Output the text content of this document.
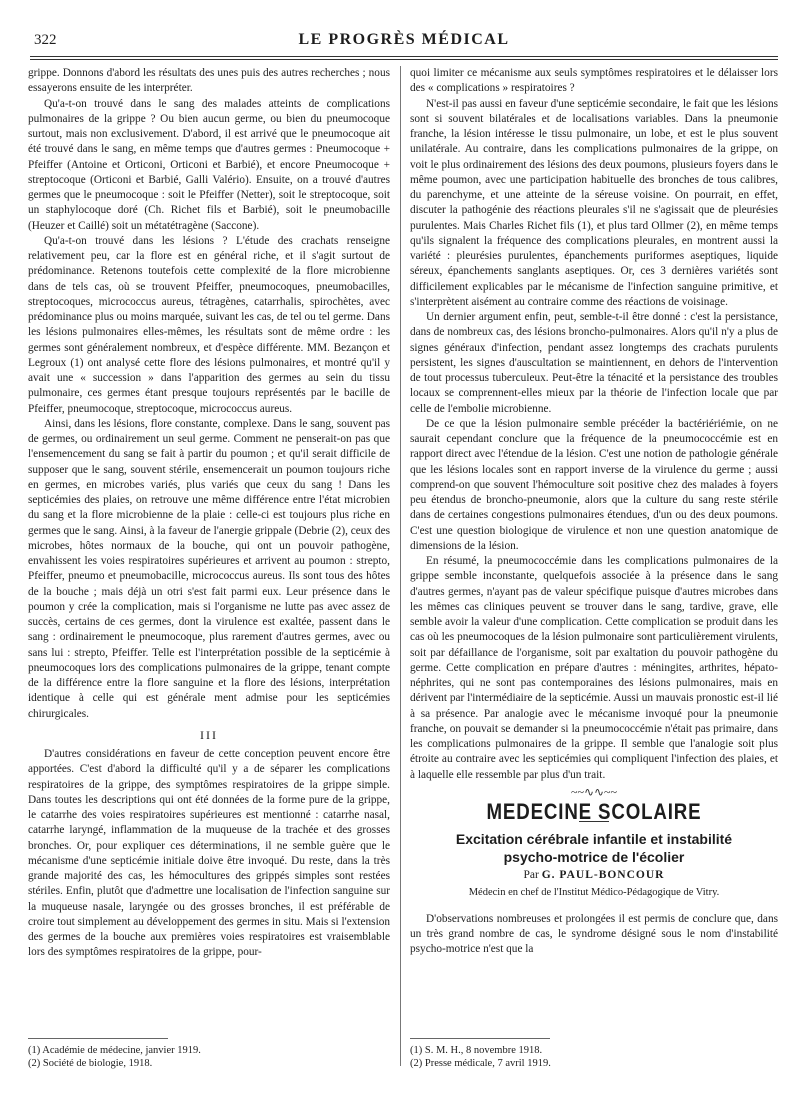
322	LE PROGRÈS MÉDICAL

grippe. Donnons d'abord les résultats des unes puis des autres recherches ; nous essayerons ensuite de les interpréter.

Qu'a-t-on trouvé dans le sang des malades atteints de complications pulmonaires de la grippe ? Ou bien aucun germe, ou bien du pneumocoque surtout, mais non exclusivement. D'abord, il est arrivé que le pneumocoque ait été trouvé dans le sang, en même temps que d'autres germes : Pneumocoque + Pfeiffer (Antoine et Orticoni, Orticoni et Barbié), et encore Pneumocoque + streptocoque (Orticoni et Barbié, Galli Valério). Ensuite, on a trouvé d'autres germes que le pneumocoque : soit le Pfeiffer (Netter), soit le streptocoque, soit un staphylocoque doré (Ch. Richet fils et Barbié), soit le pneumobacille (Heuzer et Caillé) soit un métatétragène (Saccone).

Qu'a-t-on trouvé dans les lésions ? L'étude des crachats renseigne relativement peu, car la flore est en général riche, et il s'agit surtout de prédominance. Retenons toutefois cette complexité de la flore microbienne dans de tels cas, où se trouvent Pfeiffer, pneumocoques, pneumobacilles, streptocoques, micrococcus aureus, tétragènes, catarrhalis, spirochètes, avec prédominance plus ou moins marquée, suivant les cas, de tel ou tel germe. Dans les lésions pulmonaires elles-mêmes, les résultats sont de même ordre : les germes sont généralement nombreux, et d'espèce différente. MM. Bezançon et Legroux (1) ont analysé cette flore des lésions pulmonaires, et montré qu'il y avait une « succession » dans l'apparition des germes au sein du tissu pulmonaire, ces germes étant presque toujours représentés par le bacille de Pfeiffer, pneumocoque, streptocoque, micrococcus aureus.

Ainsi, dans les lésions, flore constante, complexe. Dans le sang, souvent pas de germes, ou ordinairement un seul germe. Comment ne penserait-on pas que l'ensemencement du sang se fait à partir du poumon ; et qu'il serait difficile de supposer que le sang, souvent stérile, ensemencerait un poumon toujours riche en germes, en microbes variés, plus variés que ceux du sang ! Dans les septicémies des plaies, on retrouve une même différence entre l'état microbien du sang et la flore microbienne de la plaie : celle-ci est toujours plus riche en germes que le sang. Ainsi, à la faveur de l'anergie grippale (Debrie (2), ceux des microbes, hôtes normaux de la bouche, qui ont un pouvoir pathogène, envahissent les voies respiratoires supérieures et arrivent au poumon : strepto, Pfeiffer, pneumo et pneumobacille, micrococcus aureus. Ils sont tous des hôtes de la bouche ; mais déjà un otri s'est fait parmi eux. Leur présence dans le poumon y crée la complication, mais si l'organisme ne lutte pas avec assez de succès, certains de ces germes, dont la virulence est exaltée, passent dans le sang : ordinairement le pneumocoque, plus rarement d'autres germes, avec ou sans lui : strepto, Pfeiffer. Telle est l'interprétation possible de la septicémie à pneumocoques lors des complications pulmonaires de la grippe, tenant compte de la différence entre la flore sanguine et la flore des lésions, interprétation identique à celle qui est générale ment admise pour les septicémies chirurgicales.

III

D'autres considérations en faveur de cette conception peuvent encore être apportées. C'est d'abord la difficulté qu'il y a de séparer les complications respiratoires de la grippe, des symptômes respiratoires de la grippe simple. Dans toutes les descriptions qui ont été données de la forme pure de la grippe, le catarrhe des voies respiratoires supérieures est mentionné : catarrhe nasal, catarrhe laryngé, inflammation de la muqueuse de la trachée et des grosses bronches. Or, pour expliquer ces déterminations, il ne semble guère que le mécanisme d'une septicémie initiale doive être invoqué. Du reste, dans la très grande majorité des cas, les hémocultures des grippés simples sont restées stériles. Enfin, plutôt que d'admettre une localisation de l'infection sanguine sur la muqueuse nasale, laryngée ou des grosses bronches, il est préférable de croire tout simplement au développement des germes in situ. Mais si l'extension des germes de la bouche aux premières voies respiratoires est vraisemblable lors des symptômes respiratoires de la grippe, pour-

quoi limiter ce mécanisme aux seuls symptômes respiratoires et le délaisser lors des « complications » respiratoires ?

N'est-il pas aussi en faveur d'une septicémie secondaire, le fait que les lésions sont si souvent bilatérales et de localisations variables. Dans la pneumonie franche, la lésion intéresse le tissu pulmonaire, un lobe, et est le plus souvent unilatérale. Au contraire, dans les complications pulmonaires de la grippe, on voit le plus ordinairement des lésions des deux poumons, plusieurs foyers dans le même poumon, avec une participation habituelle des bronches de tous calibres, du parenchyme, et une atteinte de la séreuse voisine. On pourrait, en effet, discuter la pathogénie des réactions pleurales s'il ne s'agissait que de pleurésies purulentes. Mais Charles Richet fils (1), et plus tard Ollmer (2), en même temps qu'ils signalent la fréquence des complications pleurales, en montrent aussi la variété : pleurésies purulentes, épanchements puriformes aseptiques, liquide séreux, épanchements sanglants aseptiques. Or, ces 3 dernières variétés sont difficilement explicables par le mécanisme de l'infection sanguine primitive, et s'interprètent aisément au contraire comme des réactions de voisinage.

Un dernier argument enfin, peut, semble-t-il être donné : c'est la persistance, dans de nombreux cas, des lésions broncho-pulmonaires. Alors qu'il n'y a plus de signes généraux d'infection, pendant assez longtemps des crachats purulents persistent, les signes d'auscultation se maintiennent, en dehors de l'intervention de tout processus tuberculeux. Peut-être la ténacité et la persistance des troubles locaux se comprennent-elles mieux par la théorie de l'infection locale que par celle de l'embolie microbienne.

De ce que la lésion pulmonaire semble précéder la bactériériémie, on ne saurait cependant conclure que la fréquence de la pneumococcémie est en rapport direct avec l'étendue de la lésion. C'est une notion de pathologie générale que les lésions locales sont en rapport inverse de la virulence du germe ; aussi comprend-on que souvent l'hémoculture soit positive chez des malades à foyers peu étendus de broncho-pneumonie, alors que la culture du sang reste stérile dans de certaines congestions pulmonaires étendues, d'un ou des deux poumons. C'est une question biologique de virulence et non une question anatomique de dimensions de la lésion.

En résumé, la pneumococcémie dans les complications pulmonaires de la grippe semble inconstante, quelquefois associée à la présence dans le sang d'autres germes, n'ayant pas de valeur spécifique puisque d'autres microbes dans les mêmes cas cliniques peuvent se trouver dans le sang, tardive, grave, elle semble avoir la valeur d'une complication. Cette complication se produit dans les cas où les pneumocoques de la lésion pulmonaire sont particulièrement virulents, soit par défaillance de l'organisme, soit par exaltation du pouvoir pathogène du germe. Cette complication en prépare d'autres : méningites, arthrites, hépato-néphrites, qui ne sont pas contemporaines des lésions pulmonaires, mais en dérivent par l'intermédiaire de la septicémie. Aussi un mauvais pronostic est-il lié à sa présence. Par analogie avec le mécanisme invoqué pour la pneumonie franche, on pouvait se demander si la pneumococcémie n'était pas primaire, dans les complications pulmonaires de la grippe. Il semble que l'analogie soit plus étroite au contraire avec les septicémies qui compliquent l'infection des plaies, et à laquelle elle ressemble par plus d'un trait.

~~∿∿~~
MEDECINE SCOLAIRE
Excitation cérébrale infantile et instabilité
psycho-motrice de l'écolier
Par G. PAUL-BONCOUR
Médecin en chef de l'Institut Médico-Pédagogique de Vitry.

D'observations nombreuses et prolongées il est permis de conclure que, dans un très grand nombre de cas, le syndrome désigné sous le nom d'instabilité psycho-motrice n'est que la

(1) Académie de médecine, janvier 1919.
(2) Société de biologie, 1918.
(1) S. M. H., 8 novembre 1918.
(2) Presse médicale, 7 avril 1919.
